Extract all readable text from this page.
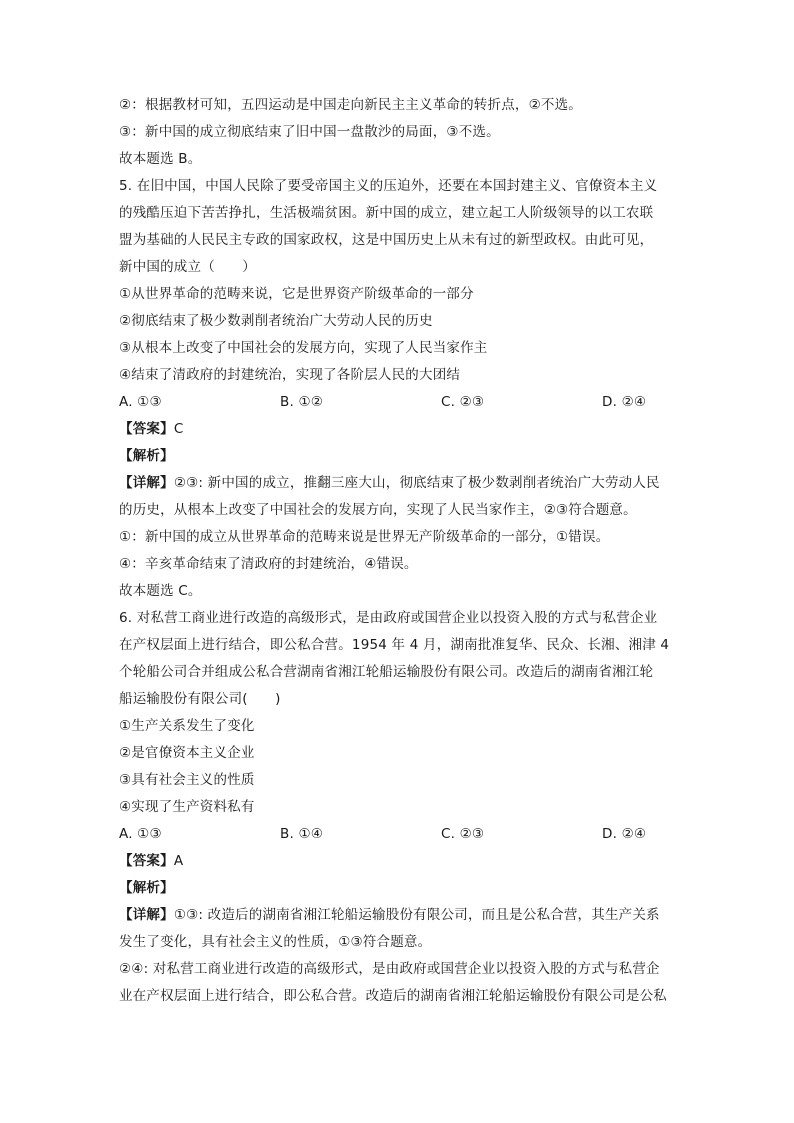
②：根据教材可知，五四运动是中国走向新民主主义革命的转折点，②不选。
③：新中国的成立彻底结束了旧中国一盘散沙的局面，③不选。
故本题选 B。
5. 在旧中国，中国人民除了要受帝国主义的压迫外，还要在本国封建主义、官僚资本主义
的残酷压迫下苦苦挣扎，生活极端贫困。新中国的成立，建立起工人阶级领导的以工农联
盟为基础的人民民主专政的国家政权，这是中国历史上从未有过的新型政权。由此可见，
新中国的成立（　　）
①从世界革命的范畴来说，它是世界资产阶级革命的一部分
②彻底结束了极少数剥削者统治广大劳动人民的历史
③从根本上改变了中国社会的发展方向，实现了人民当家作主
④结束了清政府的封建统治，实现了各阶层人民的大团结
A. ①③	B. ①②	C. ②③	D. ②④
【答案】C
【解析】
【详解】②③: 新中国的成立，推翻三座大山，彻底结束了极少数剥削者统治广大劳动人民
的历史，从根本上改变了中国社会的发展方向，实现了人民当家作主，②③符合题意。
①：新中国的成立从世界革命的范畴来说是世界无产阶级革命的一部分，①错误。
④：辛亥革命结束了清政府的封建统治，④错误。
故本题选 C。
6. 对私营工商业进行改造的高级形式，是由政府或国营企业以投资入股的方式与私营企业
在产权层面上进行结合，即公私合营。1954 年 4 月，湖南批准复华、民众、长湘、湘津 4
个轮船公司合并组成公私合营湖南省湘江轮船运输股份有限公司。改造后的湖南省湘江轮
船运输股份有限公司(　　)
①生产关系发生了变化
②是官僚资本主义企业
③具有社会主义的性质
④实现了生产资料私有
A. ①③	B. ①④	C. ②③	D. ②④
【答案】A
【解析】
【详解】①③: 改造后的湖南省湘江轮船运输股份有限公司，而且是公私合营，其生产关系
发生了变化，具有社会主义的性质，①③符合题意。
②④: 对私营工商业进行改造的高级形式，是由政府或国营企业以投资入股的方式与私营企
业在产权层面上进行结合，即公私合营。改造后的湖南省湘江轮船运输股份有限公司是公私
